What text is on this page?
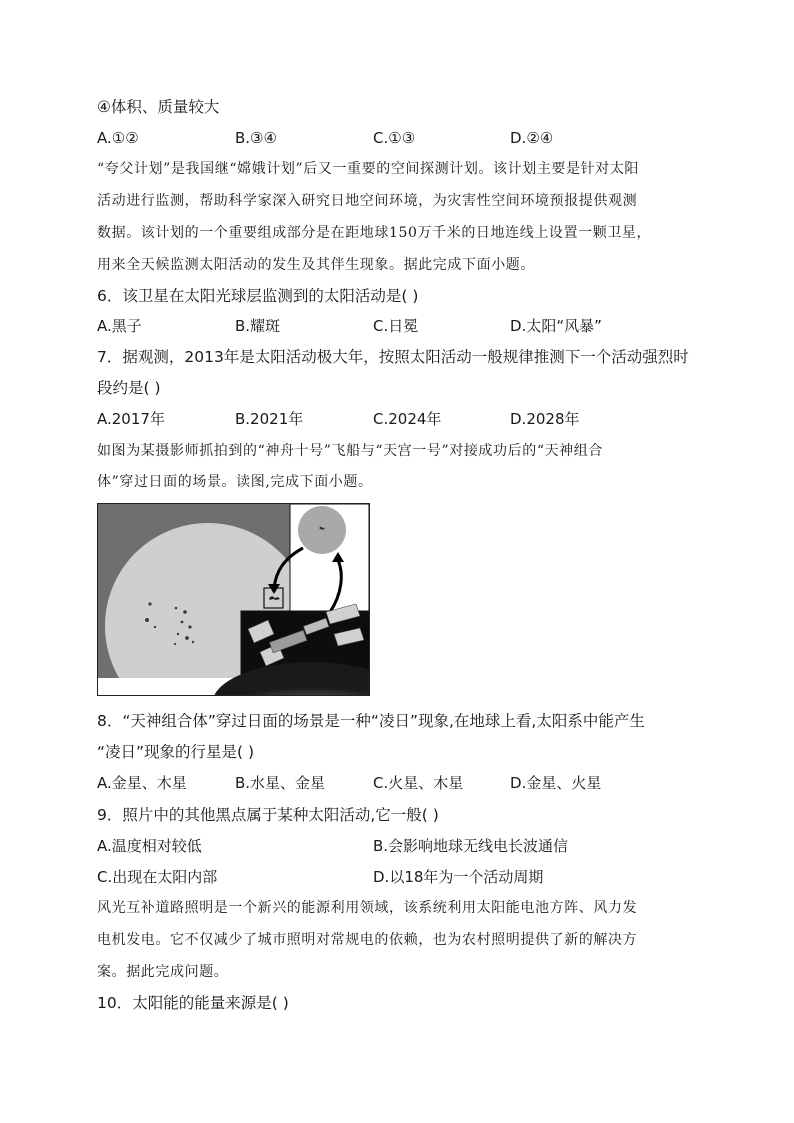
④体积、质量较大
A.①②	B.③④	C.①③	D.②④
“夸父计划”是我国继“嫦娥计划”后又一重要的空间探测计划。该计划主要是针对太阳
活动进行监测，帮助科学家深入研究日地空间环境，为灾害性空间环境预报提供观测
数据。该计划的一个重要组成部分是在距地球150万千米的日地连线上设置一颗卫星，
用来全天候监测太阳活动的发生及其伴生现象。据此完成下面小题。
6．该卫星在太阳光球层监测到的太阳活动是( )
A.黑子	B.耀斑	C.日冕	D.太阳“风暴”
7．据观测，2013年是太阳活动极大年，按照太阳活动一般规律推测下一个活动强烈时
段约是( )
A.2017年	B.2021年	C.2024年	D.2028年
如图为某摄影师抓拍到的“神舟十号”飞船与“天宫一号”对接成功后的“天神组合
体”穿过日面的场景。读图,完成下面小题。
8．“天神组合体”穿过日面的场景是一种“凌日”现象,在地球上看,太阳系中能产生
“凌日”现象的行星是( )
A.金星、木星	B.水星、金星	C.火星、木星	D.金星、火星
9．照片中的其他黑点属于某种太阳活动,它一般( )
A.温度相对较低	B.会影响地球无线电长波通信
C.出现在太阳内部	D.以18年为一个活动周期
风光互补道路照明是一个新兴的能源利用领域，该系统利用太阳能电池方阵、风力发
电机发电。它不仅减少了城市照明对常规电的依赖，也为农村照明提供了新的解决方
案。据此完成问题。
10．太阳能的能量来源是( )
